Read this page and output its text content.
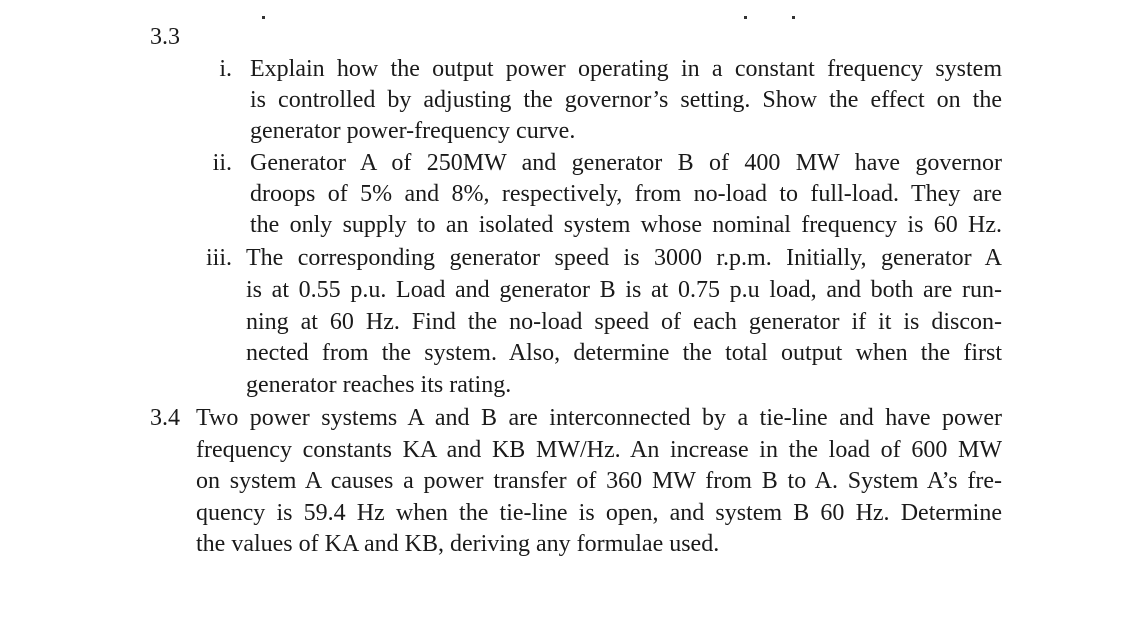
3.3
i. Explain how the output power operating in a constant frequency system
is controlled by adjusting the governor’s setting. Show the effect on the
generator power-frequency curve.
ii. Generator A of 250MW and generator B of 400 MW have governor
droops of 5% and 8%, respectively, from no-load to full-load. They are
the only supply to an isolated system whose nominal frequency is 60 Hz.
iii. The corresponding generator speed is 3000 r.p.m. Initially, generator A
is at 0.55 p.u. Load and generator B is at 0.75 p.u load, and both are run-
ning at 60 Hz. Find the no-load speed of each generator if it is discon-
nected from the system. Also, determine the total output when the first
generator reaches its rating.
3.4 Two power systems A and B are interconnected by a tie-line and have power
frequency constants KA and KB MW/Hz. An increase in the load of 600 MW
on system A causes a power transfer of 360 MW from B to A. System A’s fre-
quency is 59.4 Hz when the tie-line is open, and system B 60 Hz. Determine
the values of KA and KB, deriving any formulae used.
